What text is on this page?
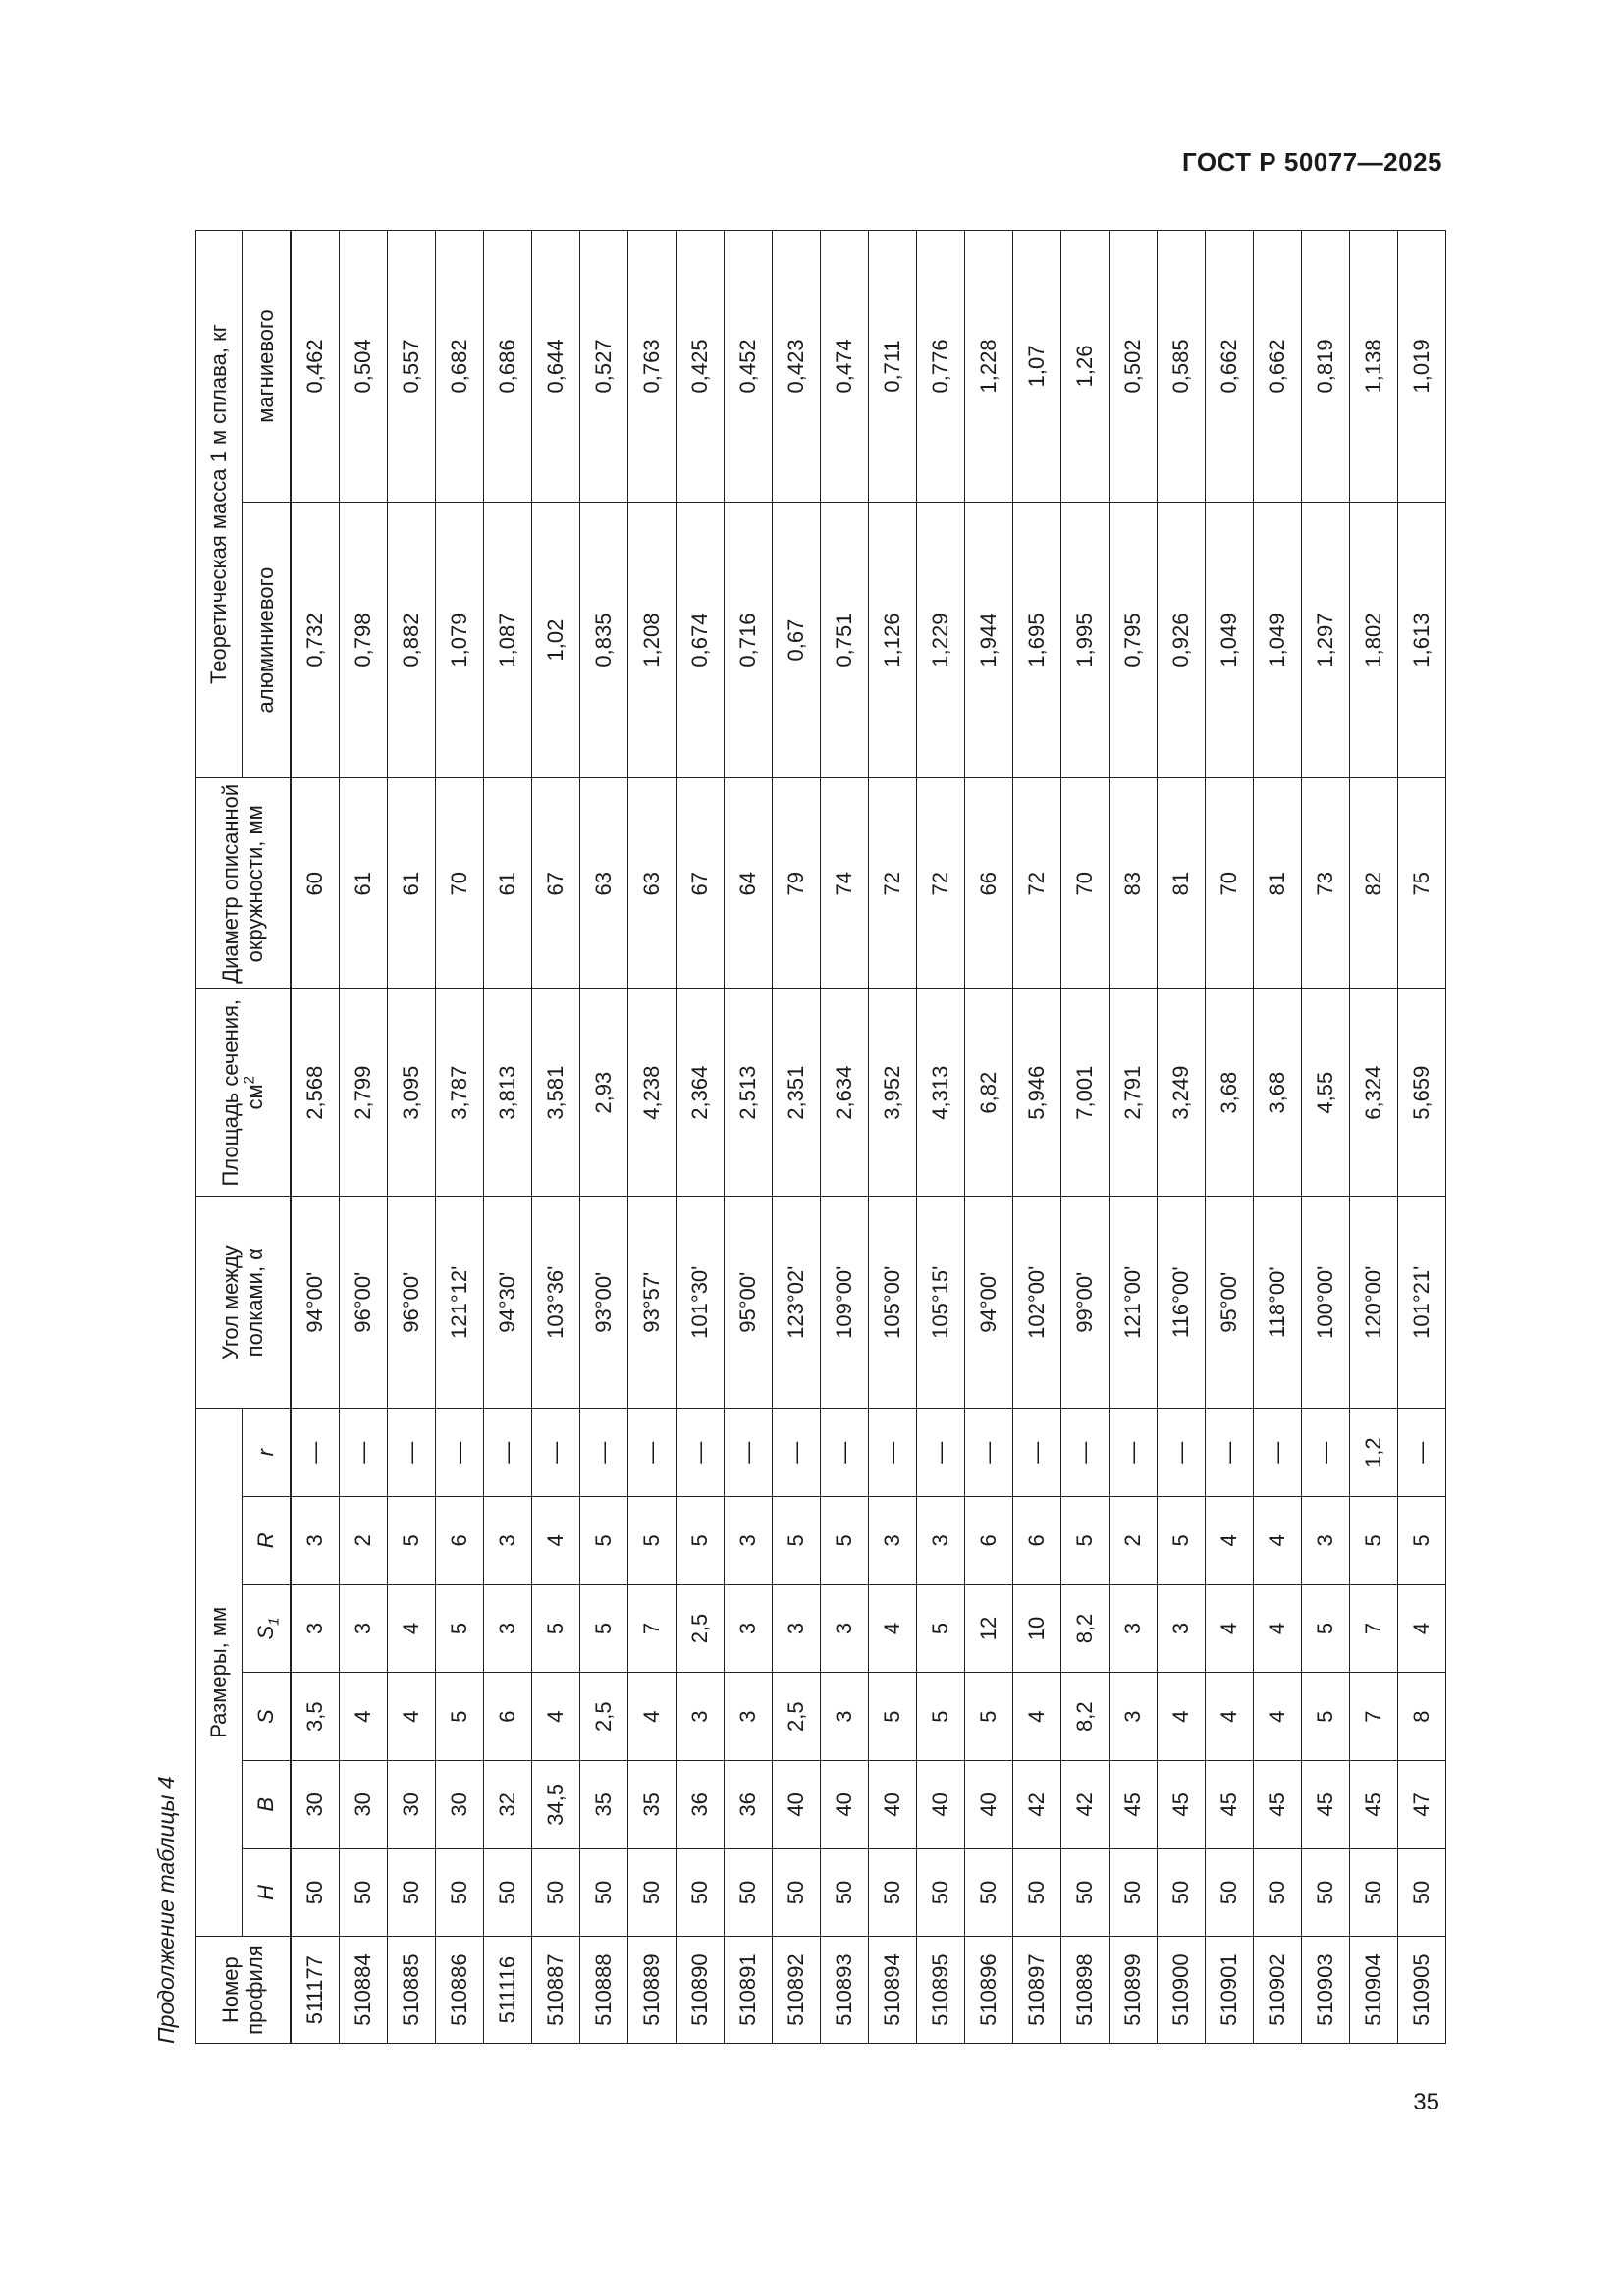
ГОСТ Р 50077—2025
Продолжение таблицы 4 Номер профиля	Размеры, мм						Угол между полками, α	Площадь сечения, $см^2$	Диаметр описанной окружности, мм	Теоретическая масса 1 м сплава, кг	
	H	B	S	$S_1$	R	r				алюминиевого	магниевого

511177	50	30	3,5	3	3	—	94°00'	2,568	60	0,732	0,462
510884	50	30	4	3	2	—	96°00'	2,799	61	0,798	0,504
510885	50	30	4	4	5	—	96°00'	3,095	61	0,882	0,557
510886	50	30	5	5	6	—	121°12'	3,787	70	1,079	0,682
511116	50	32	6	3	3	—	94°30'	3,813	61	1,087	0,686
510887	50	34,5	4	5	4	—	103°36'	3,581	67	1,02	0,644
510888	50	35	2,5	5	5	—	93°00'	2,93	63	0,835	0,527
510889	50	35	4	7	5	—	93°57'	4,238	63	1,208	0,763
510890	50	36	3	2,5	5	—	101°30'	2,364	67	0,674	0,425
510891	50	36	3	3	3	—	95°00'	2,513	64	0,716	0,452
510892	50	40	2,5	3	5	—	123°02'	2,351	79	0,67	0,423
510893	50	40	3	3	5	—	109°00'	2,634	74	0,751	0,474
510894	50	40	5	4	3	—	105°00'	3,952	72	1,126	0,711
510895	50	40	5	5	3	—	105°15'	4,313	72	1,229	0,776
510896	50	40	5	12	6	—	94°00'	6,82	66	1,944	1,228
510897	50	42	4	10	6	—	102°00'	5,946	72	1,695	1,07
510898	50	42	8,2	8,2	5	—	99°00'	7,001	70	1,995	1,26
510899	50	45	3	3	2	—	121°00'	2,791	83	0,795	0,502
510900	50	45	4	3	5	—	116°00'	3,249	81	0,926	0,585
510901	50	45	4	4	4	—	95°00'	3,68	70	1,049	0,662
510902	50	45	4	4	4	—	118°00'	3,68	81	1,049	0,662
510903	50	45	5	5	3	—	100°00'	4,55	73	1,297	0,819
510904	50	45	7	7	5	1,2	120°00'	6,324	82	1,802	1,138
510905	50	47	8	4	5	—	101°21'	5,659	75	1,613	1,019
35
